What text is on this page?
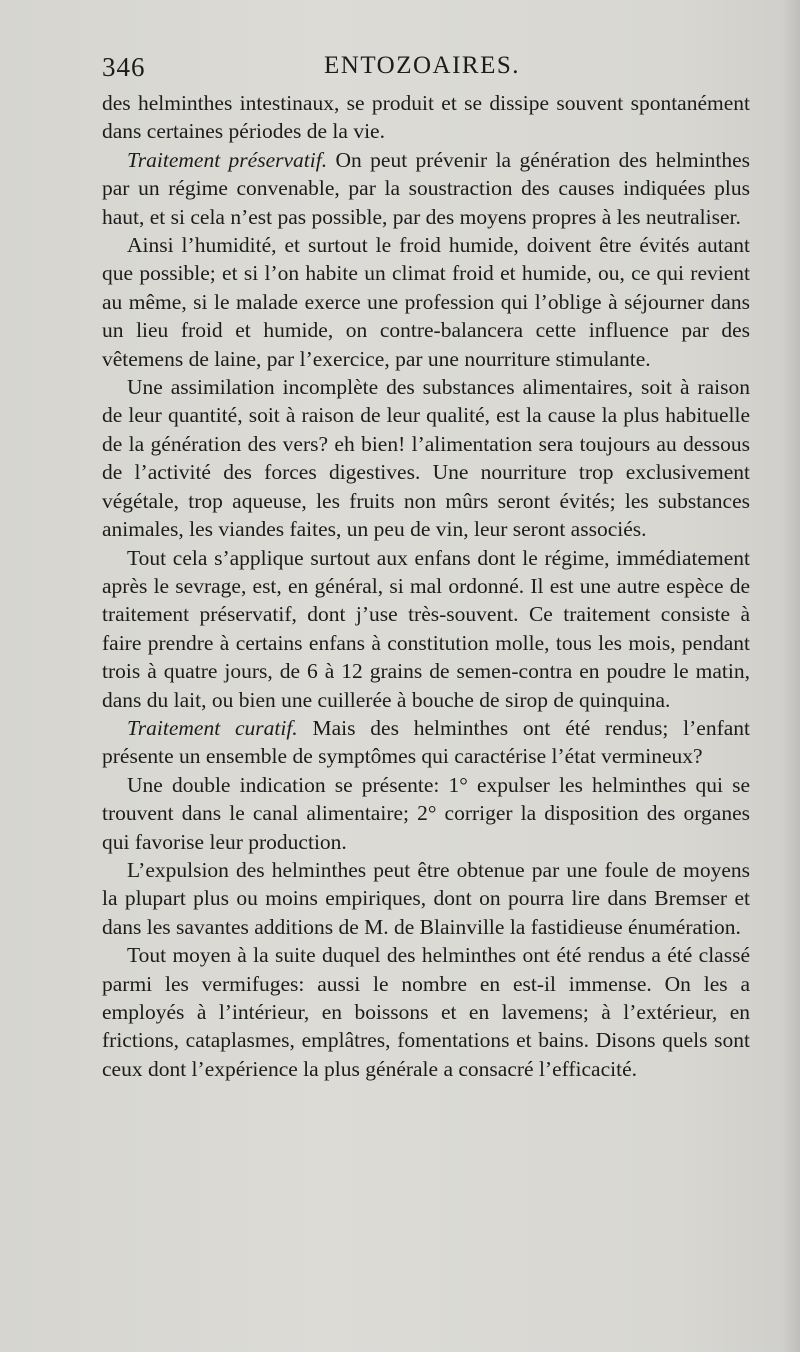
346	ENTOZOAIRES.

des helminthes intestinaux, se produit et se dissipe souvent spontanément dans certaines périodes de la vie.

Traitement préservatif. On peut prévenir la génération des helminthes par un régime convenable, par la soustraction des causes indiquées plus haut, et si cela n’est pas possible, par des moyens propres à les neutraliser.

Ainsi l’humidité, et surtout le froid humide, doivent être évités autant que possible; et si l’on habite un climat froid et humide, ou, ce qui revient au même, si le malade exerce une profession qui l’oblige à séjourner dans un lieu froid et humide, on contre-balancera cette influence par des vêtemens de laine, par l’exercice, par une nourriture stimulante.

Une assimilation incomplète des substances alimentaires, soit à raison de leur quantité, soit à raison de leur qualité, est la cause la plus habituelle de la génération des vers? eh bien! l’alimentation sera toujours au dessous de l’activité des forces digestives. Une nourriture trop exclusivement végétale, trop aqueuse, les fruits non mûrs seront évités; les substances animales, les viandes faites, un peu de vin, leur seront associés.

Tout cela s’applique surtout aux enfans dont le régime, immédiatement après le sevrage, est, en général, si mal ordonné. Il est une autre espèce de traitement préservatif, dont j’use très-souvent. Ce traitement consiste à faire prendre à certains enfans à constitution molle, tous les mois, pendant trois à quatre jours, de 6 à 12 grains de semen-contra en poudre le matin, dans du lait, ou bien une cuillerée à bouche de sirop de quinquina.

Traitement curatif. Mais des helminthes ont été rendus; l’enfant présente un ensemble de symptômes qui caractérise l’état vermineux?

Une double indication se présente: 1° expulser les helminthes qui se trouvent dans le canal alimentaire; 2° corriger la disposition des organes qui favorise leur production.

L’expulsion des helminthes peut être obtenue par une foule de moyens la plupart plus ou moins empiriques, dont on pourra lire dans Bremser et dans les savantes additions de M. de Blainville la fastidieuse énumération.

Tout moyen à la suite duquel des helminthes ont été rendus a été classé parmi les vermifuges: aussi le nombre en est-il immense. On les a employés à l’intérieur, en boissons et en lavemens; à l’extérieur, en frictions, cataplasmes, emplâtres, fomentations et bains. Disons quels sont ceux dont l’expérience la plus générale a consacré l’efficacité.
